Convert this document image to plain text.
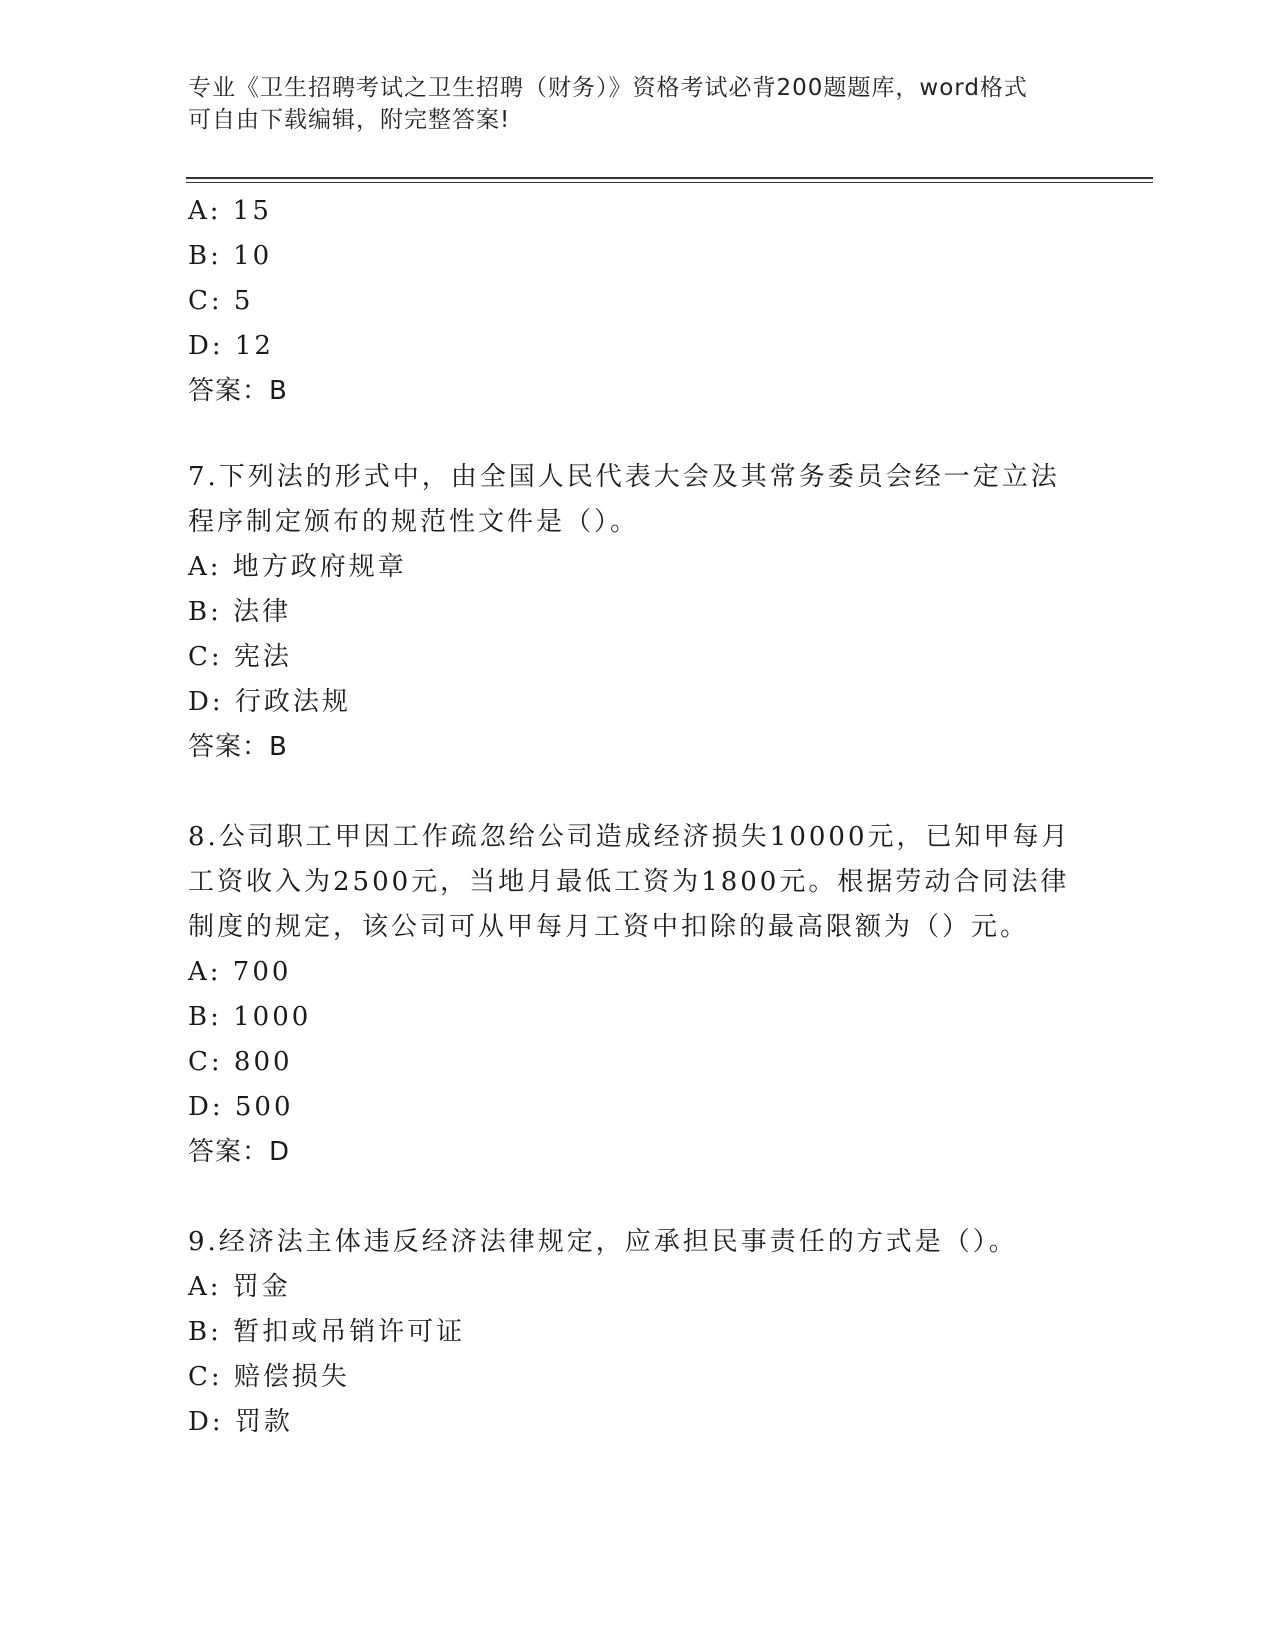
专业《卫生招聘考试之卫生招聘（财务）》资格考试必背200题题库，word格式
可自由下载编辑，附完整答案!
A: 15
B: 10
C: 5
D: 12
答案：B
7.下列法的形式中，由全国人民代表大会及其常务委员会经一定立法
程序制定颁布的规范性文件是（）。
A: 地方政府规章
B: 法律
C: 宪法
D: 行政法规
答案：B
8.公司职工甲因工作疏忽给公司造成经济损失10000元，已知甲每月
工资收入为2500元，当地月最低工资为1800元。根据劳动合同法律
制度的规定，该公司可从甲每月工资中扣除的最高限额为（）元。
A: 700
B: 1000
C: 800
D: 500
答案：D
9.经济法主体违反经济法律规定，应承担民事责任的方式是（）。
A: 罚金
B: 暂扣或吊销许可证
C: 赔偿损失
D: 罚款
